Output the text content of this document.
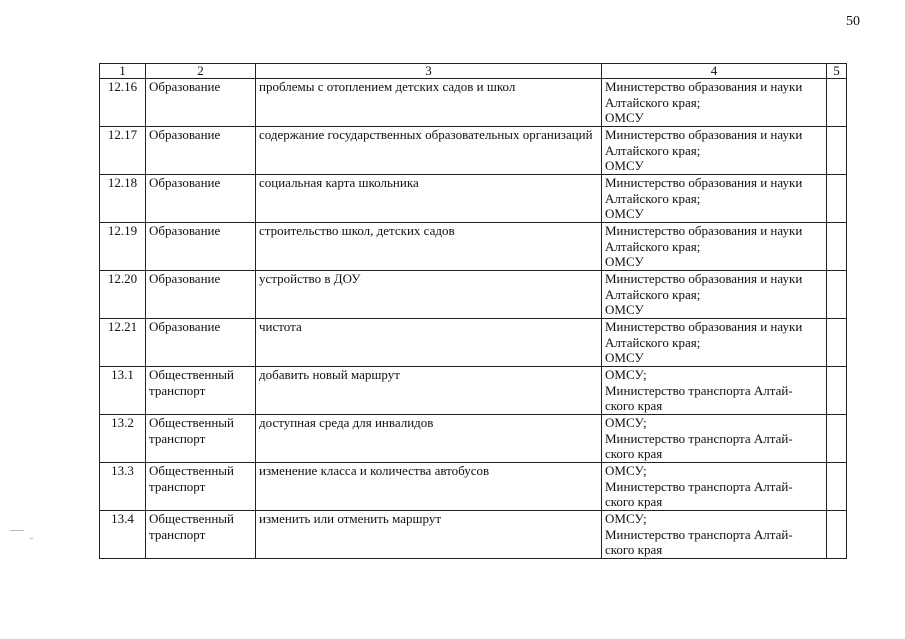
50
1	2	3	4	5
12.16	Образование	проблемы с отоплением детских садов и школ	Министерство образования и науки
Алтайского края;
ОМСУ	

12.17	Образование	содержание государственных образовательных организаций	Министерство образования и науки
Алтайского края;
ОМСУ	

12.18	Образование	социальная карта школьника	Министерство образования и науки
Алтайского края;
ОМСУ	

12.19	Образование	строительство школ, детских садов	Министерство образования и науки
Алтайского края;
ОМСУ	

12.20	Образование	устройство в ДОУ	Министерство образования и науки
Алтайского края;
ОМСУ	

12.21	Образование	чистота	Министерство образования и науки
Алтайского края;
ОМСУ	

13.1	Общественный транспорт	добавить новый маршрут	ОМСУ;
Министерство транспорта Алтай-
ского края	

13.2	Общественный транспорт	доступная среда для инвалидов	ОМСУ;
Министерство транспорта Алтай-
ского края	

13.3	Общественный транспорт	изменение класса и количества автобусов	ОМСУ;
Министерство транспорта Алтай-
ского края	

13.4	Общественный транспорт	изменить или отменить маршрут	ОМСУ;
Министерство транспорта Алтай-
ского края	
